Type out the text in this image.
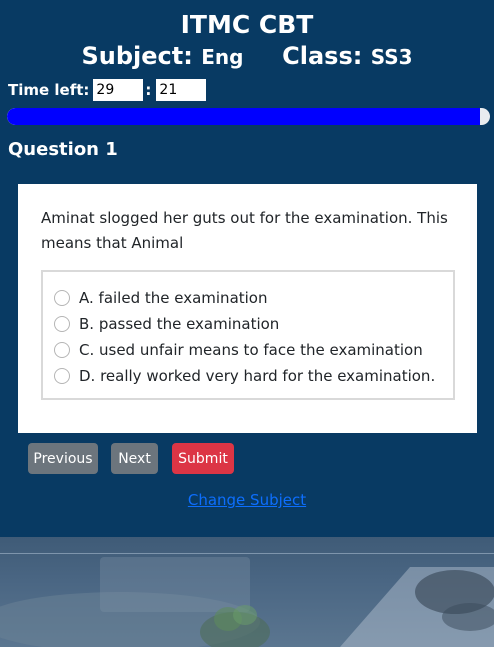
ITMC CBT
Subject: Eng Class: SS3
Time left:
29	:
21
Question 1
Aminat slogged her guts out for the examination. This means that Animal
A. failed the examination
B. passed the examination
C. used unfair means to face the examination
D. really worked very hard for the examination.
Previous	Next	Submit
Change Subject
